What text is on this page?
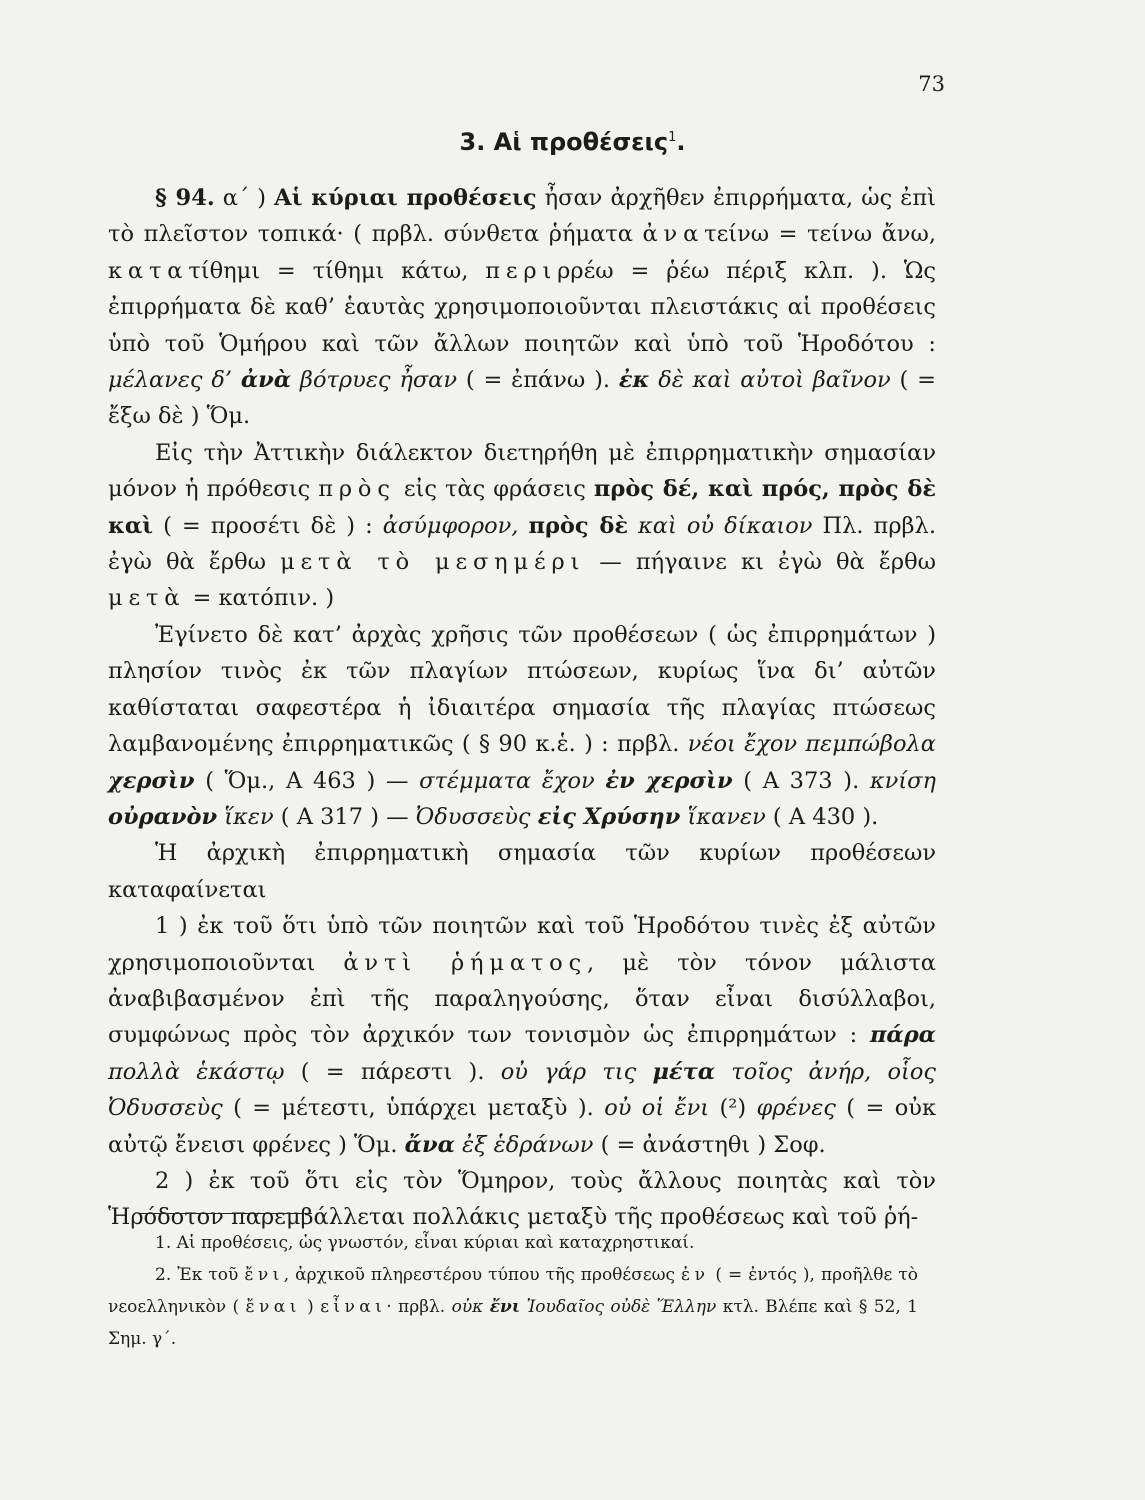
73
3. Αἱ προθέσεις$^1$.

§ 94. α΄ ) Αἱ κύριαι προθέσεις ἦσαν ἀρχῆθεν ἐπιρρήματα, ὡς ἐπὶ τὸ πλεῖστον τοπικά· ( πρβλ. σύνθετα ῥήματα ἀνατείνω = τείνω ἄνω, κατατίθημι = τίθημι κάτω, περιρρέω = ῥέω πέριξ κλπ. ). Ὡς ἐπιρρήματα δὲ καθ’ ἑαυτὰς χρησιμοποιοῦνται πλειστάκις αἱ προθέσεις ὑπὸ τοῦ Ὁμήρου καὶ τῶν ἄλλων ποιητῶν καὶ ὑπὸ τοῦ Ἡροδότου : μέλανες δ’ ἀνὰ βότρυες ἦσαν ( = ἐπάνω ). ἐκ δὲ καὶ αὐτοὶ βαῖνον ( = ἔξω δὲ ) Ὅμ.

Εἰς τὴν Ἀττικὴν διάλεκτον διετηρήθη μὲ ἐπιρρηματικὴν σημασίαν μόνον ἡ πρόθεσις πρὸς εἰς τὰς φράσεις πρὸς δέ, καὶ πρός, πρὸς δὲ καὶ ( = προσέτι δὲ ) : ἀσύμφορον, πρὸς δὲ καὶ οὐ δίκαιον Πλ. πρβλ. ἐγὼ θὰ ἔρθω μετὰ τὸ μεσημέρι — πήγαινε κι ἐγὼ θὰ ἔρθω μετὰ = κατόπιν. )

Ἐγίνετο δὲ κατ’ ἀρχὰς χρῆσις τῶν προθέσεων ( ὡς ἐπιρρημάτων ) πλησίον τινὸς ἐκ τῶν πλαγίων πτώσεων, κυρίως ἵνα δι’ αὐτῶν καθίσταται σαφεστέρα ἡ ἰδιαιτέρα σημασία τῆς πλαγίας πτώσεως λαμβανομένης ἐπιρρηματικῶς ( § 90 κ.ἑ. ) : πρβλ. νέοι ἔχον πεμπώβολα χερσὶν ( Ὅμ., Α 463 ) — στέμματα ἔχον ἐν χερσὶν ( Α 373 ). κνίση οὐρανὸν ἵκεν ( Α 317 ) — Ὀδυσσεὺς εἰς Χρύσην ἵκανεν ( Α 430 ).

Ἡ ἀρχικὴ ἐπιρρηματικὴ σημασία τῶν κυρίων προθέσεων καταφαίνεται

1 ) ἐκ τοῦ ὅτι ὑπὸ τῶν ποιητῶν καὶ τοῦ Ἡροδότου τινὲς ἐξ αὐτῶν χρησιμοποιοῦνται ἀντὶ ῥήματος, μὲ τὸν τόνον μάλιστα ἀναβιβασμένον ἐπὶ τῆς παραληγούσης, ὅταν εἶναι δισύλλαβοι, συμφώνως πρὸς τὸν ἀρχικόν των τονισμὸν ὡς ἐπιρρημάτων : πάρα πολλὰ ἑκάστῳ ( = πάρεστι ). οὐ γάρ τις μέτα τοῖος ἀνήρ, οἷος Ὀδυσσεὺς ( = μέτεστι, ὑπάρχει μεταξὺ ). οὐ οἱ ἔνι (²) φρένες ( = οὐκ αὐτῷ ἔνεισι φρένες ) Ὅμ. ἄνα ἐξ ἑδράνων ( = ἀνάστηθι ) Σοφ.

2 ) ἐκ τοῦ ὅτι εἰς τὸν Ὅμηρον, τοὺς ἄλλους ποιητὰς καὶ τὸν Ἡρόδοτον παρεμβάλλεται πολλάκις μεταξὺ τῆς προθέσεως καὶ τοῦ ῥή-

1. Αἱ προθέσεις, ὡς γνωστόν, εἶναι κύριαι καὶ καταχρηστικαί.

2. Ἐκ τοῦ ἔνι, ἀρχικοῦ πληρεστέρου τύπου τῆς προθέσεως ἐν ( = ἐντός ), προῆλθε τὸ νεοελληνικὸν ( ἔναι ) εἶναι· πρβλ. οὐκ ἔνι Ἰουδαῖος οὐδὲ Ἕλλην κτλ. Βλέπε καὶ § 52, 1 Σημ. γ΄.
